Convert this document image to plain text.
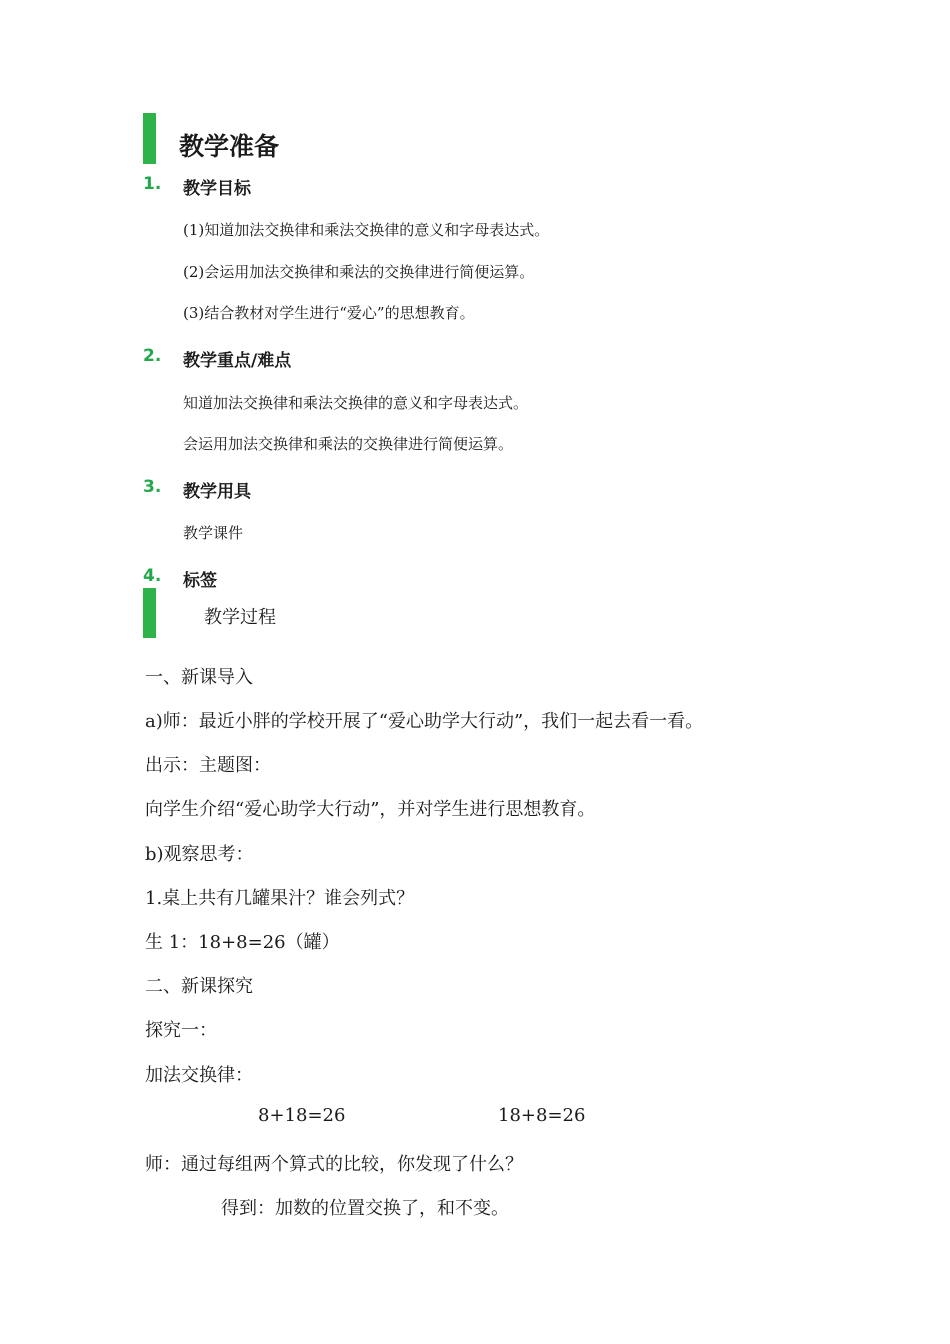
教学准备
1. 教学目标
(1)知道加法交换律和乘法交换律的意义和字母表达式。
(2)会运用加法交换律和乘法的交换律进行简便运算。
(3)结合教材对学生进行“爱心”的思想教育。
2. 教学重点/难点
知道加法交换律和乘法交换律的意义和字母表达式。
会运用加法交换律和乘法的交换律进行简便运算。
3. 教学用具
教学课件
4. 标签
教学过程
一、新课导入
a)师：最近小胖的学校开展了“爱心助学大行动”，我们一起去看一看。
出示：主题图：
向学生介绍“爱心助学大行动”，并对学生进行思想教育。
b)观察思考：
1.桌上共有几罐果汁？谁会列式？
生 1：18+8=26（罐）
二、新课探究
探究一：
加法交换律：
8+18=26	18+8=26
师：通过每组两个算式的比较，你发现了什么？
得到：加数的位置交换了，和不变。
